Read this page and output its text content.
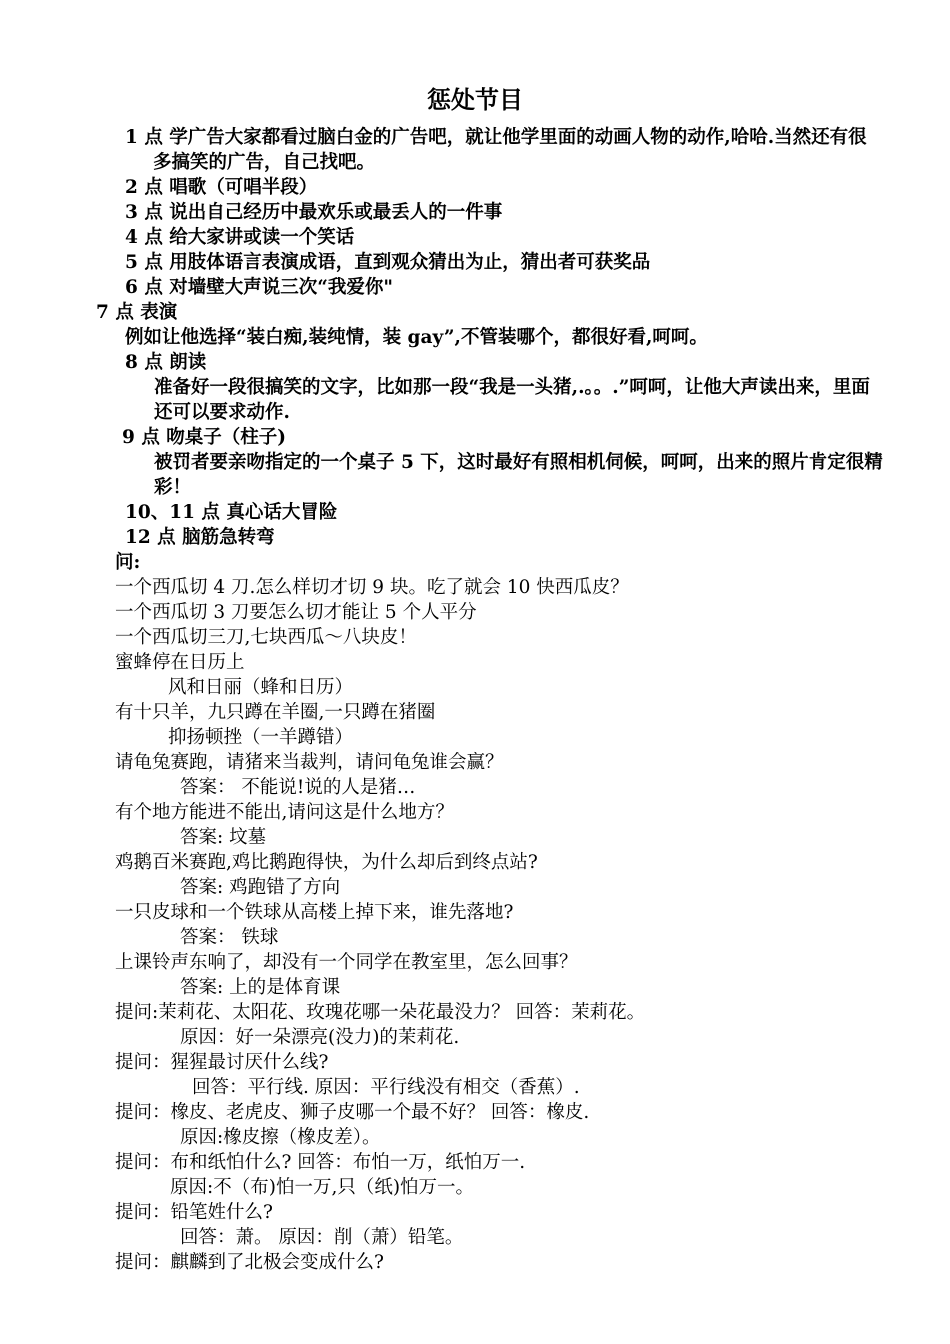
惩处节目
1 点 学广告大家都看过脑白金的广告吧，就让他学里面的动画人物的动作,哈哈.当然还有很多搞笑的广告，自己找吧。
2 点 唱歌（可唱半段）
3 点 说出自己经历中最欢乐或最丢人的一件事
4 点 给大家讲或读一个笑话
5 点 用肢体语言表演成语，直到观众猜出为止，猜出者可获奖品
6 点 对墙壁大声说三次“我爱你"
7 点 表演
例如让他选择“装白痴,装纯情，装 gay”,不管装哪个，都很好看,呵呵。
8 点 朗读
准备好一段很搞笑的文字，比如那一段“我是一头猪,.。。.”呵呵，让他大声读出来，里面还可以要求动作.
9 点 吻桌子（柱子)
被罚者要亲吻指定的一个桌子 5 下，这时最好有照相机伺候，呵呵，出来的照片肯定很精彩！
10、11 点 真心话大冒险
12 点 脑筋急转弯
问:
一个西瓜切 4 刀.怎么样切才切 9 块。吃了就会 10 快西瓜皮？
一个西瓜切 3 刀要怎么切才能让 5 个人平分
一个西瓜切三刀,七块西瓜～八块皮！
蜜蜂停在日历上
风和日丽（蜂和日历）
有十只羊，九只蹲在羊圈,一只蹲在猪圈
抑扬顿挫（一羊蹲错）
请龟兔赛跑，请猪来当裁判，请问龟兔谁会赢？
答案： 不能说!说的人是猪…
有个地方能进不能出,请问这是什么地方？
答案: 坟墓
鸡鹅百米赛跑,鸡比鹅跑得快，为什么却后到终点站?
答案: 鸡跑错了方向
一只皮球和一个铁球从高楼上掉下来，谁先落地?
答案： 铁球
上课铃声东响了，却没有一个同学在教室里，怎么回事？
答案: 上的是体育课
提问:茉莉花、太阳花、玫瑰花哪一朵花最没力？ 回答：茉莉花。
原因：好一朵漂亮(没力)的茉莉花.
提问：猩猩最讨厌什么线?
回答：平行线. 原因：平行线没有相交（香蕉）.
提问：橡皮、老虎皮、狮子皮哪一个最不好？ 回答：橡皮.
原因:橡皮擦（橡皮差）。
提问：布和纸怕什么? 回答：布怕一万，纸怕万一.
原因:不（布)怕一万,只（纸)怕万一。
提问：铅笔姓什么?
回答：萧。 原因：削（萧）铅笔。
提问：麒麟到了北极会变成什么?
